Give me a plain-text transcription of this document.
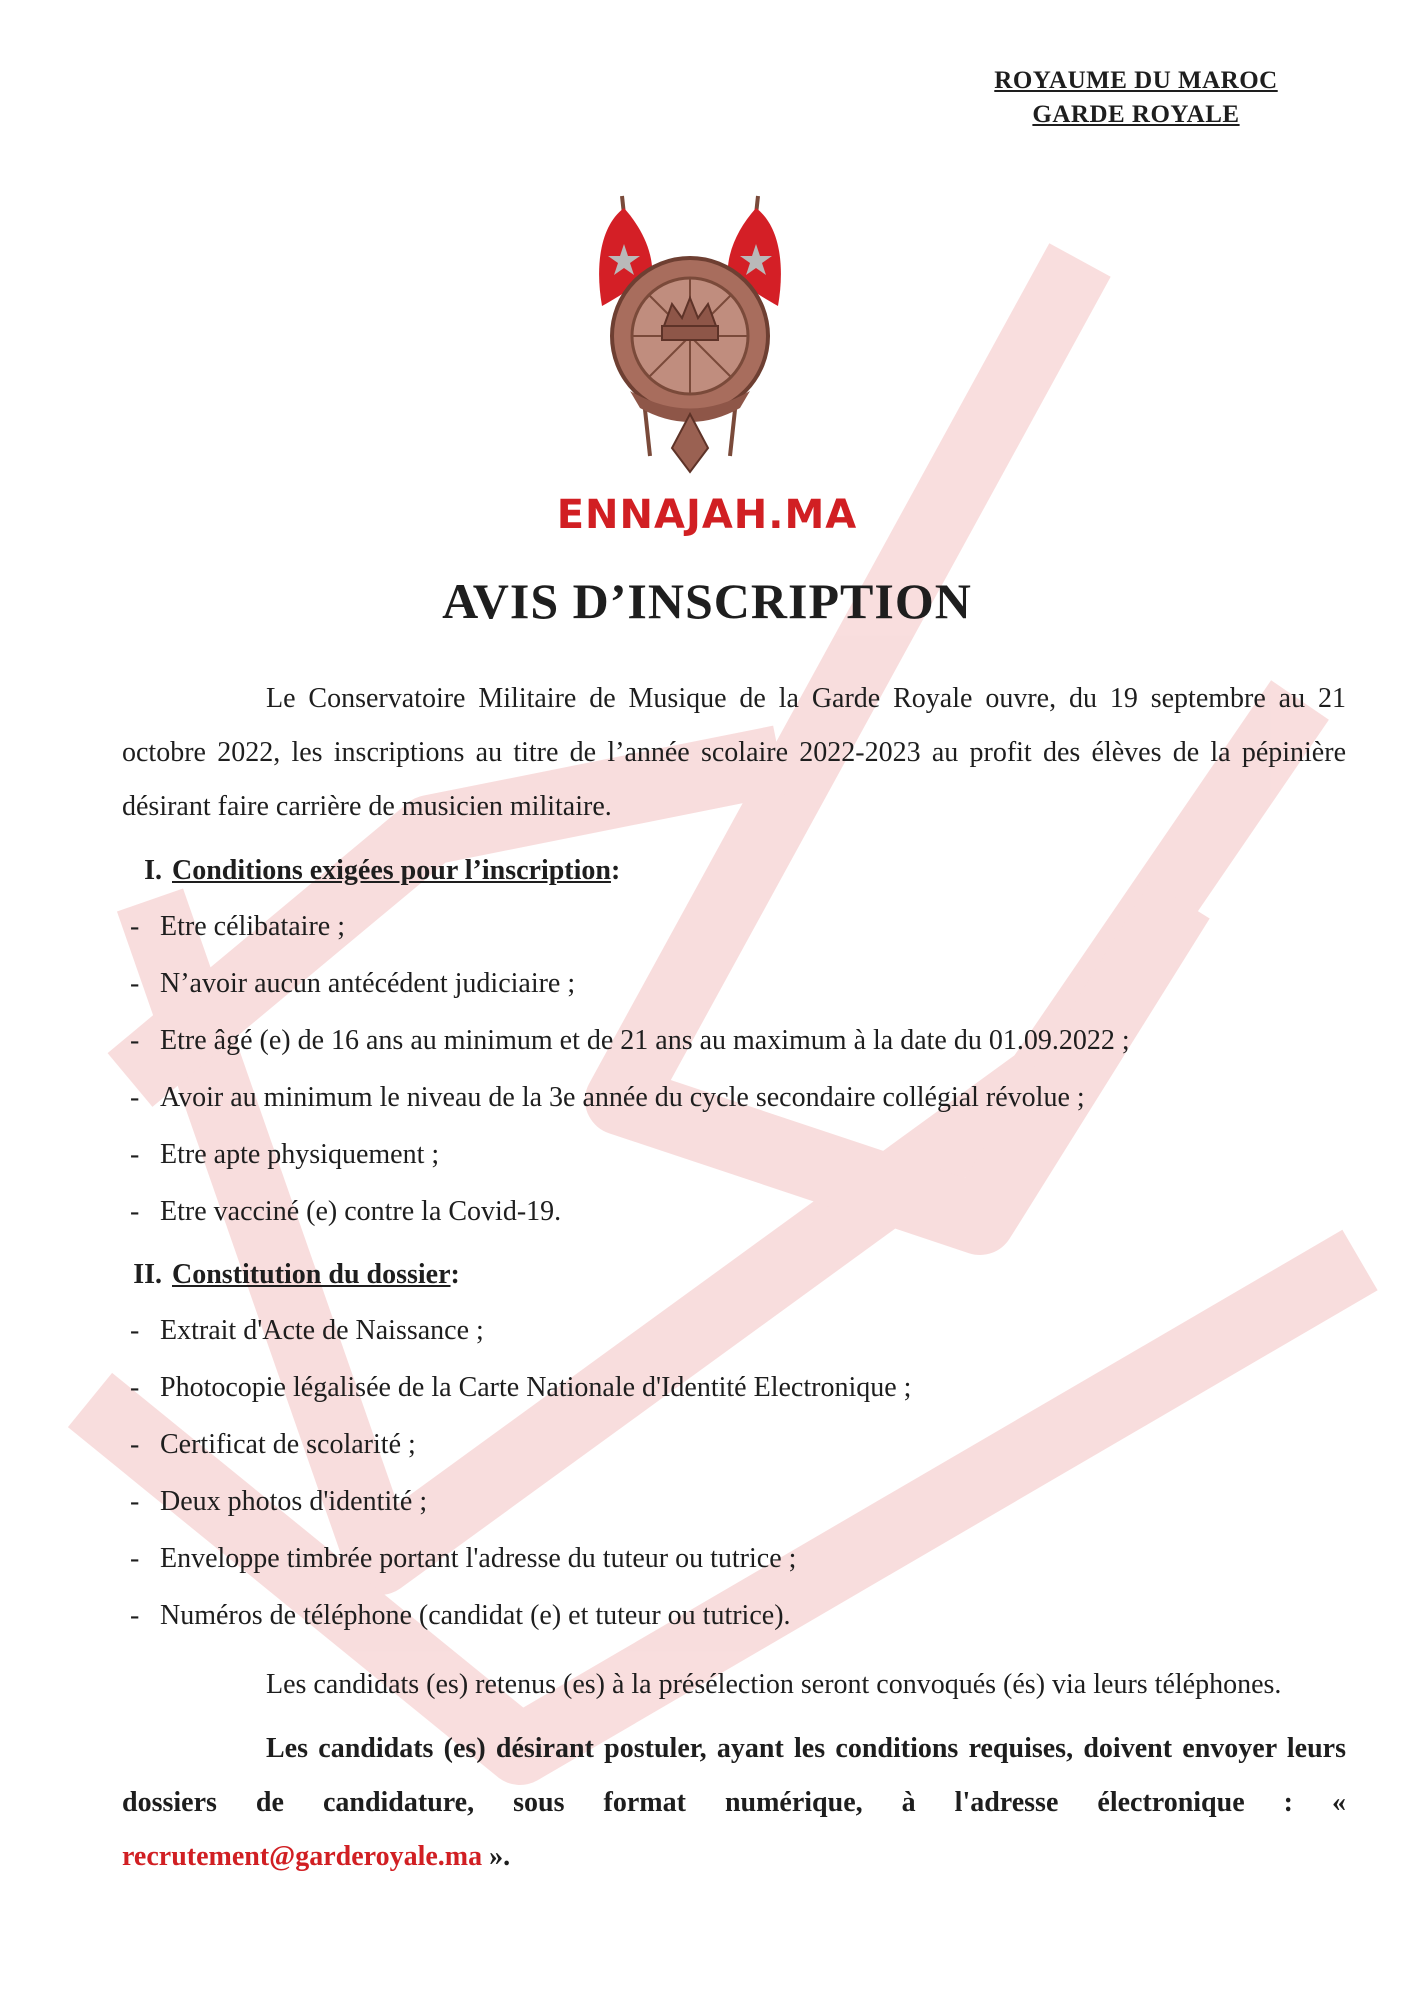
ROYAUME DU MAROC
GARDE ROYALE
ENNAJAH.MA
AVIS D’INSCRIPTION

Le Conservatoire Militaire de Musique de la Garde Royale ouvre, du 19 septembre au 21 octobre 2022, les inscriptions au titre de l’année scolaire 2022-2023 au profit des élèves de la pépinière désirant faire carrière de musicien militaire.

I. Conditions exigées pour l’inscription :
- Etre célibataire ;
- N’avoir aucun antécédent judiciaire ;
- Etre âgé (e) de 16 ans au minimum et de 21 ans au maximum à la date du 01.09.2022 ;
- Avoir au minimum le niveau de la 3e année du cycle secondaire collégial révolue ;
- Etre apte physiquement ;
- Etre vacciné (e) contre la Covid-19.
II. Constitution du dossier :
- Extrait d'Acte de Naissance ;
- Photocopie légalisée de la Carte Nationale d'Identité Electronique ;
- Certificat de scolarité ;
- Deux photos d'identité ;
- Enveloppe timbrée portant l'adresse du tuteur ou tutrice ;
- Numéros de téléphone (candidat (e) et tuteur ou tutrice).

Les candidats (es) retenus (es) à la présélection seront convoqués (és) via leurs téléphones.

Les candidats (es) désirant postuler, ayant les conditions requises, doivent envoyer leurs dossiers de candidature, sous format numérique, à l'adresse électronique : « recrutement@garderoyale.ma ».
